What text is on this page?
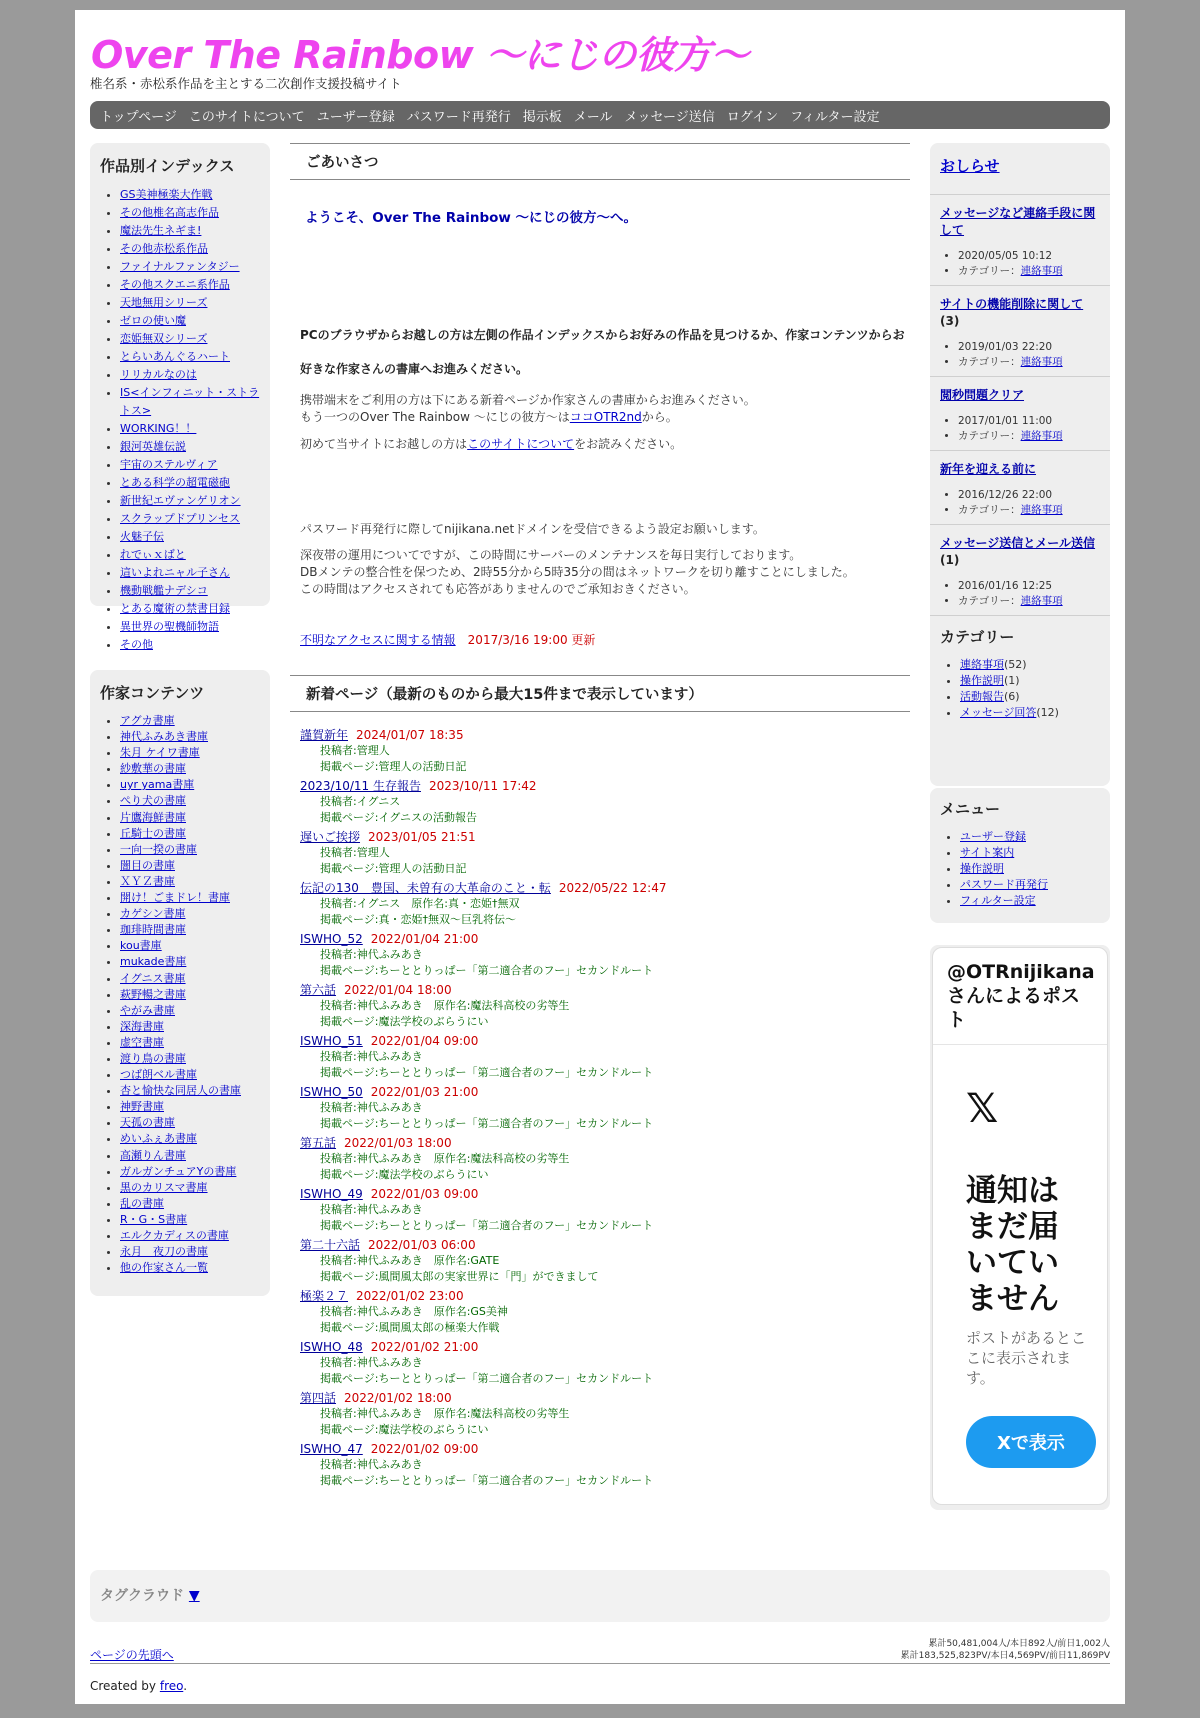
Over The Rainbow 〜にじの彼方〜
椎名系・赤松系作品を主とする二次創作支援投稿サイト
トップページ このサイトについて ユーザー登録 パスワード再発行 掲示板 メール メッセージ送信 ログイン フィルター設定
作品別インデックス
• GS美神極楽大作戦
• その他椎名高志作品
• 魔法先生ネギま!
• その他赤松系作品
• ファイナルファンタジー
• その他スクエニ系作品
• 天地無用シリーズ
• ゼロの使い魔
• 恋姫無双シリーズ
• とらいあんぐるハート
• リリカルなのは
• IS<インフィニット・ストラトス>
• WORKING！！
• 銀河英雄伝説
• 宇宙のステルヴィア
• とある科学の超電磁砲
• 新世紀エヴァンゲリオン
• スクラップドプリンセス
• 火魅子伝
• れでぃｘばと
• 這いよれニャル子さん
• 機動戦艦ナデシコ
• とある魔術の禁書目録
• 異世界の聖機師物語
• その他
作家コンテンツ
• アグカ書庫
• 神代ふみあき書庫
• 朱月 ケイワ書庫
• 紗敷華の書庫
• uyr yama書庫
• ぺり犬の書庫
• 片鷹海鮮書庫
• 丘騎士の書庫
• 一向一揆の書庫
• 闇目の書庫
• ＸＹＺ書庫
• 開け！ごまドレ！書庫
• カゲシン書庫
• 珈琲時間書庫
• kou書庫
• mukade書庫
• イグニス書庫
• 萩野暢之書庫
• やがみ書庫
• 深海書庫
• 虚空書庫
• 渡り鳥の書庫
• つば朗ベル書庫
• 杏と愉快な同居人の書庫
• 神野書庫
• 天孤の書庫
• めいふぇあ書庫
• 高瀬りん書庫
• ガルガンチュアYの書庫
• 黒のカリスマ書庫
• 乱の書庫
• R・G・S書庫
• エルクカディスの書庫
• 永月　夜刀の書庫
• 他の作家さん一覧
ごあいさつ
ようこそ、Over The Rainbow 〜にじの彼方〜へ。
PCのブラウザからお越しの方は左側の作品インデックスからお好みの作品を見つけるか、作家コンテンツからお好きな作家さんの書庫へお進みください。
携帯端末をご利用の方は下にある新着ページか作家さんの書庫からお進みください。
もう一つのOver The Rainbow 〜にじの彼方〜はココOTR2ndから。
初めて当サイトにお越しの方はこのサイトについてをお読みください。
パスワード再発行に際してnijikana.netドメインを受信できるよう設定お願いします。
深夜帯の運用についてですが、この時間にサーバーのメンテナンスを毎日実行しております。
DBメンテの整合性を保つため、2時55分から5時35分の間はネットワークを切り離すことにしました。
この時間はアクセスされても応答がありませんのでご承知おきください。
不明なアクセスに関する情報　 2017/3/16 19:00 更新
新着ページ（最新のものから最大15件まで表示しています）
謹賀新年 2024/01/07 18:35
投稿者:管理人
掲載ページ:管理人の活動日記
2023/10/11 生存報告 2023/10/11 17:42
投稿者:イグニス
掲載ページ:イグニスの活動報告
遅いご挨拶 2023/01/05 21:51
投稿者:管理人
掲載ページ:管理人の活動日記
伝記の130　豊国、未曽有の大革命のこと・転 2022/05/22 12:47
投稿者:イグニス　原作名:真・恋姫†無双
掲載ページ:真・恋姫†無双〜巨乳将伝〜
ISWHO_52 2022/01/04 21:00
投稿者:神代ふみあき
掲載ページ:ちーととりっぱー「第二適合者のフー」セカンドルート
第六話 2022/01/04 18:00
投稿者:神代ふみあき　原作名:魔法科高校の劣等生
掲載ページ:魔法学校のぶらうにい
ISWHO_51 2022/01/04 09:00
投稿者:神代ふみあき
掲載ページ:ちーととりっぱー「第二適合者のフー」セカンドルート
ISWHO_50 2022/01/03 21:00
投稿者:神代ふみあき
掲載ページ:ちーととりっぱー「第二適合者のフー」セカンドルート
第五話 2022/01/03 18:00
投稿者:神代ふみあき　原作名:魔法科高校の劣等生
掲載ページ:魔法学校のぶらうにい
ISWHO_49 2022/01/03 09:00
投稿者:神代ふみあき
掲載ページ:ちーととりっぱー「第二適合者のフー」セカンドルート
第二十六話 2022/01/03 06:00
投稿者:神代ふみあき　原作名:GATE
掲載ページ:風間風太郎の実家世界に「門」ができまして
極楽２７ 2022/01/02 23:00
投稿者:神代ふみあき　原作名:GS美神
掲載ページ:風間風太郎の極楽大作戦
ISWHO_48 2022/01/02 21:00
投稿者:神代ふみあき
掲載ページ:ちーととりっぱー「第二適合者のフー」セカンドルート
第四話 2022/01/02 18:00
投稿者:神代ふみあき　原作名:魔法科高校の劣等生
掲載ページ:魔法学校のぶらうにい
ISWHO_47 2022/01/02 09:00
投稿者:神代ふみあき
掲載ページ:ちーととりっぱー「第二適合者のフー」セカンドルート
おしらせ
メッセージなど連絡手段に関して
• 2020/05/05 10:12
• カテゴリー：連絡事項
サイトの機能削除に関して
(3)
• 2019/01/03 22:20
• カテゴリー：連絡事項
閲秒問題クリア
• 2017/01/01 11:00
• カテゴリー：連絡事項
新年を迎える前に
• 2016/12/26 22:00
• カテゴリー：連絡事項
メッセージ送信とメール送信
(1)
• 2016/01/16 12:25
• カテゴリー：連絡事項
カテゴリー
• 連絡事項(52)
• 操作説明(1)
• 活動報告(6)
• メッセージ回答(12)
メニュー
• ユーザー登録
• サイト案内
• 操作説明
• パスワード再発行
• フィルター設定
@OTRnijikanaさんによるポスト
𝕏
通知はまだ届いていません
ポストがあるとここに表示されます。
Xで表示
タグクラウド ▼
ページの先頭へ
累計50,481,004人/本日892人/前日1,002人
累計183,525,823PV/本日4,569PV/前日11,869PV
Created by freo.
